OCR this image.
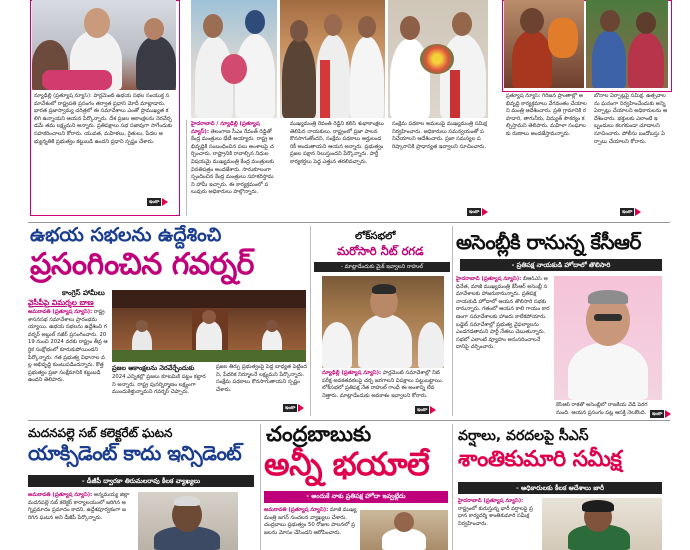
న్యూఢిల్లీ (ప్రత్యూష న్యూస్): పార్లమెంట్ ఉభయ సభల సంయుక్త సమావేశంలో రాష్ట్రపతి ప్రసంగం తర్వాత ప్రధాని మోదీ మాట్లాడారు. భారత ప్రజాస్వామ్య చరిత్రలో ఈ సమావేశాలు ఎంతో ప్రాముఖ్యత కలిగి ఉన్నాయని ఆయన పేర్కొన్నారు. దేశ ప్రజల ఆకాంక్షలను నెరవేర్చడమే తమ లక్ష్యమని అన్నారు. ప్రతిపక్షాలు సభ సజావుగా సాగేందుకు సహకరించాలని కోరారు. యువత, మహిళలు, రైతులు, పేదల అభ్యున్నతికి ప్రభుత్వం కట్టుబడి ఉందని ప్రధాని స్పష్టం చేశారు.
ఇంకా
హైదరాబాద్ / న్యూఢిల్లీ (ప్రత్యూష న్యూస్): తెలంగాణ సీఎం రేవంత్ రెడ్డితో కేంద్ర మంత్రులు భేటీ అయ్యారు. రాష్ట్ర అభివృద్ధికి సంబంధించిన పలు అంశాలపై చర్చించారు. రాష్ట్రానికి రావాల్సిన నిధుల విషయమై ముఖ్యమంత్రి కేంద్ర మంత్రులకు వినతిపత్రం అందజేశారు. సానుకూలంగా స్పందించిన కేంద్ర మంత్రులు సహకరిస్తామని హామీ ఇచ్చారు. ఈ కార్యక్రమంలో పలువురు అధికారులు పాల్గొన్నారు.
ముఖ్యమంత్రి రేవంత్ రెడ్డిని కలిసి శుభాకాంక్షలు తెలిపిన నాయకులు. రాష్ట్రంలో ప్రజా పాలన కొనసాగుతోందని, సంక్షేమ పథకాలు అర్హులందరికీ అందుతాయని ఆయన అన్నారు. ప్రభుత్వం ప్రజల పక్షాన నిలుస్తుందని పేర్కొన్నారు. పార్టీ కార్యకర్తలు పెద్ద ఎత్తున తరలివచ్చారు.
సంక్షేమ పథకాల అమలుపై ముఖ్యమంత్రి సమీక్ష నిర్వహించారు. అధికారులు సమన్వయంతో పనిచేయాలని ఆదేశించారు. ప్రజా సమస్యల పరిష్కారానికి ప్రాధాన్యత ఇవ్వాలని సూచించారు.
ఇంకా
ప్రత్యూష న్యూస్: గిరిజన ప్రాంతాల్లో అభివృద్ధి కార్యక్రమాలు వేగవంతం చేయాలని మంత్రి ఆదేశించారు. ప్రతి గ్రామానికి రహదారి, తాగునీరు, విద్యుత్ సౌకర్యం కల్పిస్తామని తెలిపారు. మహిళా సంఘాలకు రుణాలు అందజేస్తామన్నారు.
బోనాల ఏర్పాట్లపై సమీక్ష. ఉత్సవాలను ఘనంగా నిర్వహించేందుకు అన్ని ఏర్పాట్లు చేయాలని అధికారులను ఆదేశించారు. భక్తులకు ఎలాంటి ఇబ్బందులు కలగకుండా చూడాలని సూచించారు. పోలీసు బందోబస్తు ఏర్పాటు చేయాలని కోరారు.
ఇంకా
ఉభయ సభలను ఉద్దేశించి
ప్రసంగించిన గవర్నర్
కాంగ్రెస్ హామీలు
వైసీపీపై విమర్శల బాణ
అమరావతి (ప్రత్యూష న్యూస్): రాష్ట్ర శాసనసభ సమావేశాలు ప్రారంభమయ్యాయి. ఉభయ సభలను ఉద్దేశించి గవర్నర్ అబ్దుల్ నజీర్ ప్రసంగించారు. 2019 నుంచి 2024 వరకు రాష్ట్రం తీవ్ర ఆర్థిక సంక్షోభంలో కూరుకుపోయిందని పేర్కొన్నారు. గత ప్రభుత్వ విధానాల వల్ల అభివృద్ధి కుంటుపడిందన్నారు. కొత్త ప్రభుత్వం ప్రజా సంక్షేమానికి కట్టుబడి ఉందని తెలిపారు.
ప్రజల ఆకాంక్షలను నెరవేర్చేందుకు
2024 ఎన్నికల్లో ప్రజలు కూటమికి పట్టం కట్టారని అన్నారు. రాష్ట్ర పునర్నిర్మాణం లక్ష్యంగా ముందుకెళ్తున్నామని గవర్నర్ చెప్పారు.
ప్రజల తీర్పు ప్రభుత్వంపై పెద్ద బాధ్యత పెట్టిందని, పేదరిక నిర్మూలనే లక్ష్యమని పేర్కొన్నారు. సంక్షేమ పథకాలు కొనసాగుతాయని స్పష్టం చేశారు.
ఇంకా
లోక్‌సభలో
మరోసారి నీట్ రగడ
- మాట్లాడేందుకు మైక్ ఇవ్వాలని రాహుల్
న్యూఢిల్లీ (ప్రత్యూష న్యూస్): పార్లమెంట్ సమావేశాల్లో నీట్ పరీక్ష అవకతవకలపై చర్చ జరగాలని విపక్షాలు పట్టుబట్టాయి. లోక్‌సభలో ప్రతిపక్ష నేత రాహుల్ గాంధీ ఈ అంశాన్ని లేవనెత్తారు. మాట్లాడేందుకు అవకాశం ఇవ్వాలని కోరారు.
ఇంకా
అసెంబ్లీకి రానున్న కేసీఆర్
- ప్రతిపక్ష నాయకుడి హోదాలో తొలిసారి
హైదరాబాద్ (ప్రత్యూష న్యూస్): బీఆర్ఎస్ అధినేత, మాజీ ముఖ్యమంత్రి కేసీఆర్ అసెంబ్లీ సమావేశాలకు హాజరుకానున్నారు. ప్రతిపక్ష నాయకుడి హోదాలో ఆయన తొలిసారి సభకు రానున్నారు. గతంలో ఆయన కాలి గాయం కారణంగా సమావేశాలకు హాజరు కాలేకపోయారు. బడ్జెట్ సమావేశాల్లో ప్రభుత్వ వైఫల్యాలను ఎండగడతామని పార్టీ నేతలు చెబుతున్నారు. సభలో ఎలాంటి వ్యూహం అనుసరించాలనే దానిపై చర్చించారు.
కేసీఆర్ రాకతో అసెంబ్లీలో రాజకీయ వేడి పెరగనుంది. ఆయన ప్రసంగం పట్ల ఆసక్తి నెలకొంది.	ఇంకా
మదనపల్లె సబ్ కలెక్టరేట్ ఘటన
యాక్సిడెంట్ కాదు ఇన్సిడెంట్
- డీజీపీ ద్వారకా తిరుమలరావు కీలక వ్యాఖ్యలు
అమరావతి (ప్రత్యూష న్యూస్): అన్నమయ్య జిల్లా మదనపల్లె సబ్ కలెక్టర్ కార్యాలయంలో జరిగిన అగ్నిప్రమాదం ప్రమాదం కాదని, ఉద్దేశపూర్వకంగా జరిగిన ఘటన అని డీజీపీ పేర్కొన్నారు.
చంద్రబాబుకు
అన్నీ భయాలే
- అందుకే నాకు ప్రతిపక్ష హోదా ఇవ్వట్లేదు
అమరావతి (ప్రత్యూష న్యూస్): మాజీ ముఖ్యమంత్రి జగన్ సంచలన వ్యాఖ్యలు చేశారు. చంద్రబాబు ప్రభుత్వం 50 రోజుల పాలనలో ప్రజలను మోసం చేసిందని ఆరోపించారు.
వర్షాలు, వరదలపై సీఎస్
శాంతికుమారి సమీక్ష
- అధికారులకు కీలక ఆదేశాలు జారీ
హైదరాబాద్ (ప్రత్యూష న్యూస్): రాష్ట్రంలో కురుస్తున్న భారీ వర్షాలపై ప్రధాన కార్యదర్శి శాంతికుమారి సమీక్ష నిర్వహించారు.
